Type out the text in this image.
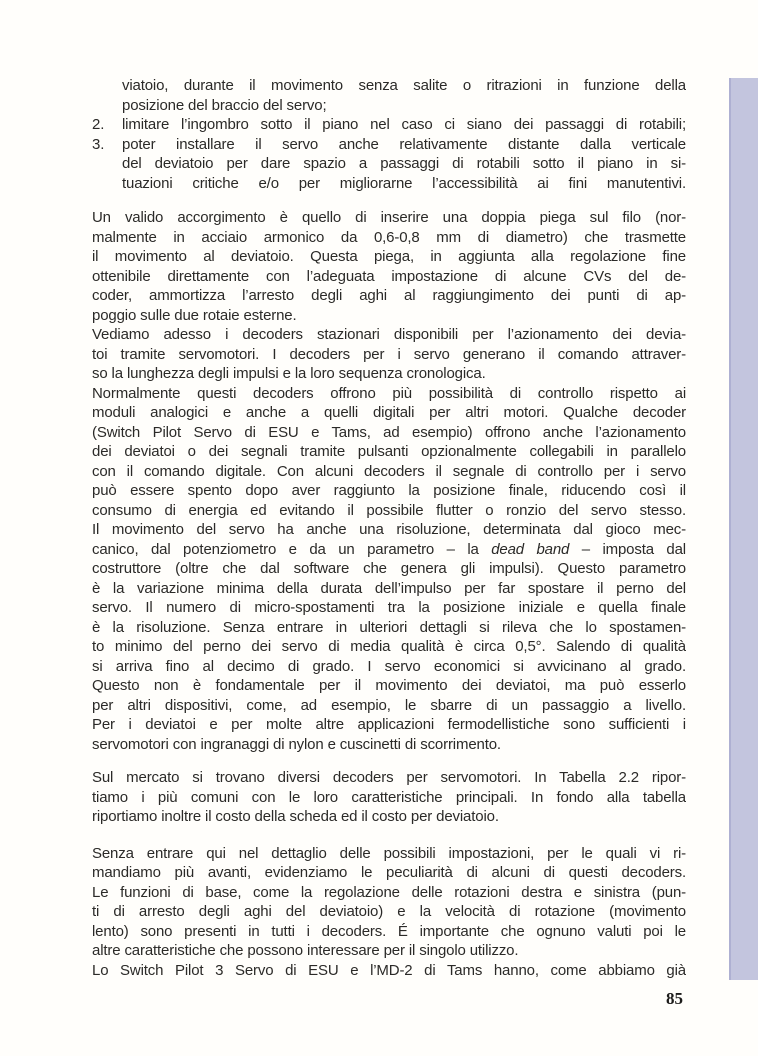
viatoio, durante il movimento senza salite o ritrazioni in funzione della
posizione del braccio del servo;
2. limitare l’ingombro sotto il piano nel caso ci siano dei passaggi di rotabili;
3. poter installare il servo anche relativamente distante dalla verticale
del deviatoio per dare spazio a passaggi di rotabili sotto il piano in si-
tuazioni critiche e/o per migliorarne l’accessibilità ai fini manutentivi.
Un valido accorgimento è quello di inserire una doppia piega sul filo (nor-
malmente in acciaio armonico da 0,6-0,8 mm di diametro) che trasmette
il movimento al deviatoio. Questa piega, in aggiunta alla regolazione fine
ottenibile direttamente con l’adeguata impostazione di alcune CVs del de-
coder, ammortizza l’arresto degli aghi al raggiungimento dei punti di ap-
poggio sulle due rotaie esterne.
Vediamo adesso i decoders stazionari disponibili per l’azionamento dei devia-
toi tramite servomotori. I decoders per i servo generano il comando attraver-
so la lunghezza degli impulsi e la loro sequenza cronologica.
Normalmente questi decoders offrono più possibilità di controllo rispetto ai
moduli analogici e anche a quelli digitali per altri motori. Qualche decoder
(Switch Pilot Servo di ESU e Tams, ad esempio) offrono anche l’azionamento
dei deviatoi o dei segnali tramite pulsanti opzionalmente collegabili in parallelo
con il comando digitale. Con alcuni decoders il segnale di controllo per i servo
può essere spento dopo aver raggiunto la posizione finale, riducendo così il
consumo di energia ed evitando il possibile flutter o ronzio del servo stesso.
Il movimento del servo ha anche una risoluzione, determinata dal gioco mec-
canico, dal potenziometro e da un parametro – la dead band – imposta dal
costruttore (oltre che dal software che genera gli impulsi). Questo parametro
è la variazione minima della durata dell’impulso per far spostare il perno del
servo. Il numero di micro-spostamenti tra la posizione iniziale e quella finale
è la risoluzione. Senza entrare in ulteriori dettagli si rileva che lo spostamen-
to minimo del perno dei servo di media qualità è circa 0,5°. Salendo di qualità
si arriva fino al decimo di grado. I servo economici si avvicinano al grado.
Questo non è fondamentale per il movimento dei deviatoi, ma può esserlo
per altri dispositivi, come, ad esempio, le sbarre di un passaggio a livello.
Per i deviatoi e per molte altre applicazioni fermodellistiche sono sufficienti i
servomotori con ingranaggi di nylon e cuscinetti di scorrimento.
Sul mercato si trovano diversi decoders per servomotori. In Tabella 2.2 ripor-
tiamo i più comuni con le loro caratteristiche principali. In fondo alla tabella
riportiamo inoltre il costo della scheda ed il costo per deviatoio.
Senza entrare qui nel dettaglio delle possibili impostazioni, per le quali vi ri-
mandiamo più avanti, evidenziamo le peculiarità di alcuni di questi decoders.
Le funzioni di base, come la regolazione delle rotazioni destra e sinistra (pun-
ti di arresto degli aghi del deviatoio) e la velocità di rotazione (movimento
lento) sono presenti in tutti i decoders. É importante che ognuno valuti poi le
altre caratteristiche che possono interessare per il singolo utilizzo.
Lo Switch Pilot 3 Servo di ESU e l’MD-2 di Tams hanno, come abbiamo già
85
